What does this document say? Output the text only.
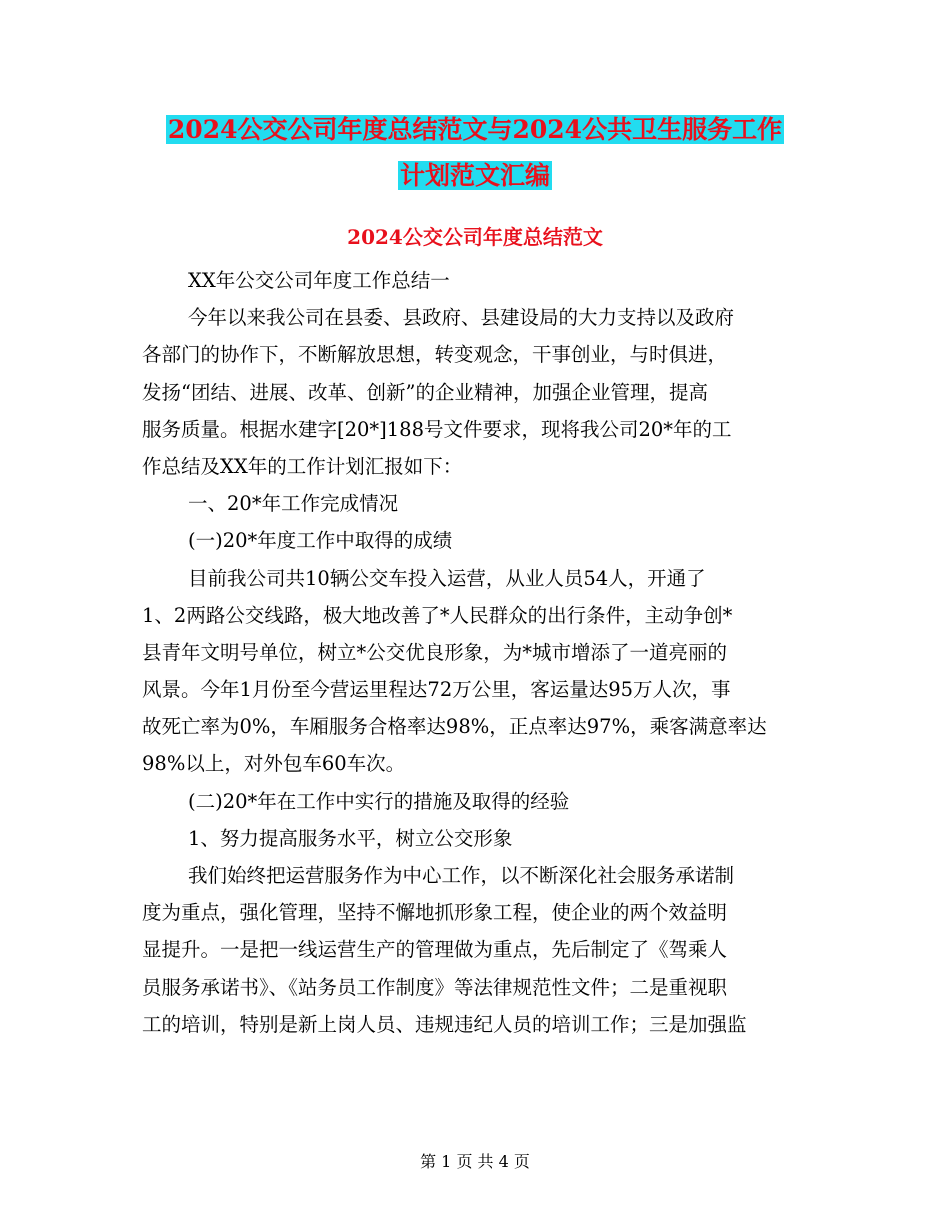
2024公交公司年度总结范文与2024公共卫生服务工作
计划范文汇编
2024公交公司年度总结范文
XX年公交公司年度工作总结一
今年以来我公司在县委、县政府、县建设局的大力支持以及政府
各部门的协作下，不断解放思想，转变观念，干事创业，与时俱进，
发扬“团结、进展、改革、创新”的企业精神，加强企业管理，提高
服务质量。根据水建字[20*]188号文件要求，现将我公司20*年的工
作总结及XX年的工作计划汇报如下：
一、20*年工作完成情况
(一)20*年度工作中取得的成绩
目前我公司共10辆公交车投入运营，从业人员54人，开通了
1、2两路公交线路，极大地改善了*人民群众的出行条件，主动争创*
县青年文明号单位，树立*公交优良形象，为*城市增添了一道亮丽的
风景。今年1月份至今营运里程达72万公里，客运量达95万人次，事
故死亡率为0%，车厢服务合格率达98%，正点率达97%，乘客满意率达
98%以上，对外包车60车次。
(二)20*年在工作中实行的措施及取得的经验
1、努力提高服务水平，树立公交形象
我们始终把运营服务作为中心工作，以不断深化社会服务承诺制
度为重点，强化管理，坚持不懈地抓形象工程，使企业的两个效益明
显提升。一是把一线运营生产的管理做为重点，先后制定了《驾乘人
员服务承诺书》、《站务员工作制度》等法律规范性文件；二是重视职
工的培训，特别是新上岗人员、违规违纪人员的培训工作；三是加强监
第 1 页 共 4 页
